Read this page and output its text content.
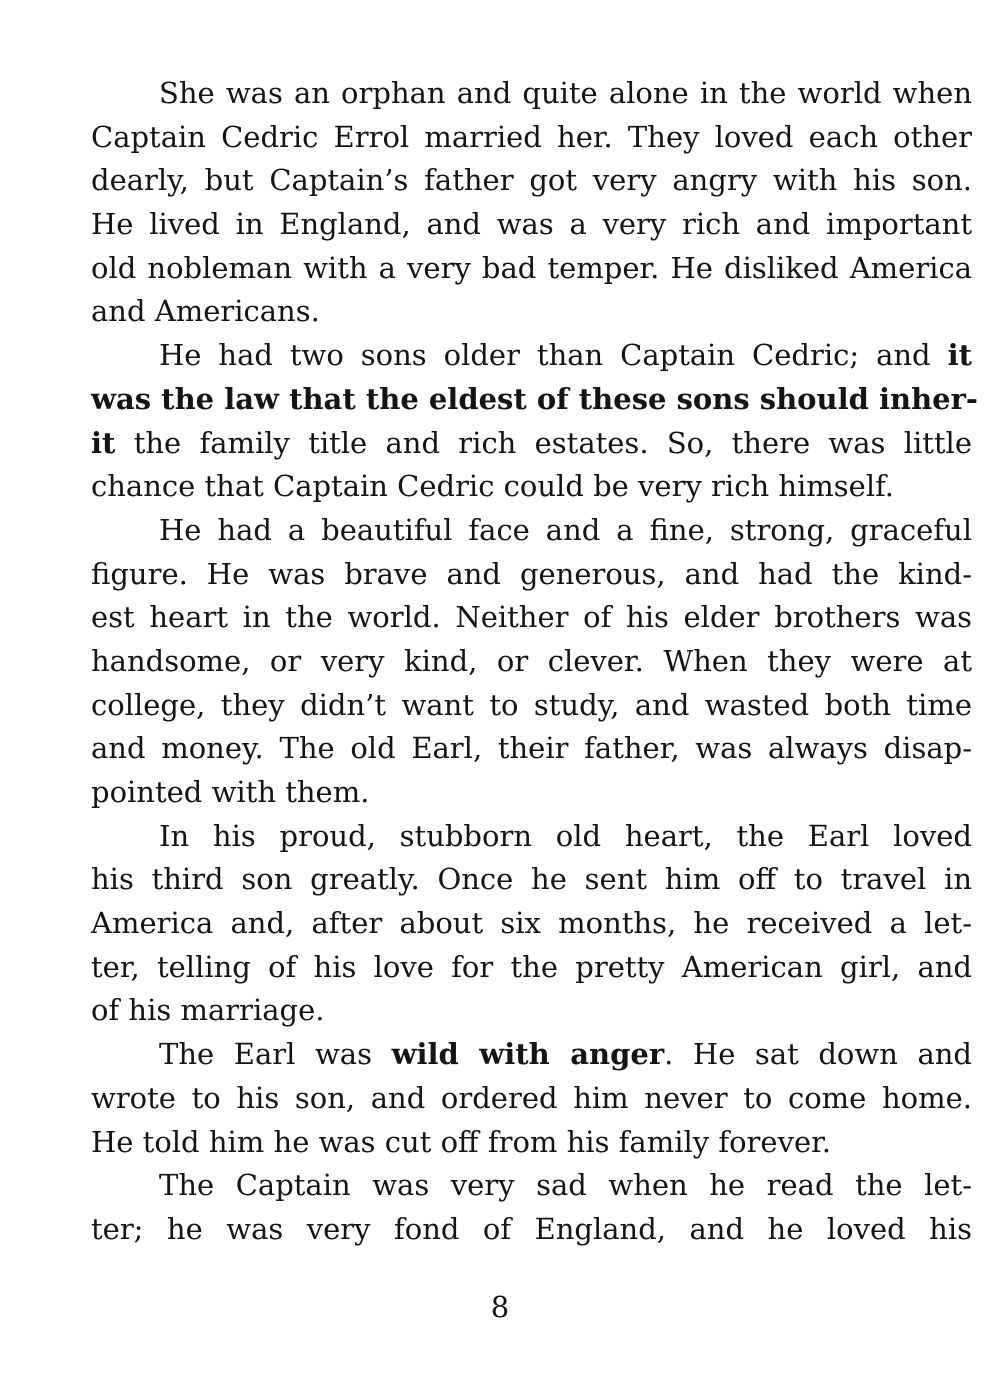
She was an orphan and quite alone in the world when
Captain Cedric Errol married her. They loved each other
dearly, but Captain’s father got very angry with his son.
He lived in England, and was a very rich and important
old nobleman with a very bad temper. He disliked America
and Americans.
He had two sons older than Captain Cedric; and it
was the law that the eldest of these sons should inher-
it the family title and rich estates. So, there was little
chance that Captain Cedric could be very rich himself.
He had a beautiful face and a fine, strong, graceful
figure. He was brave and generous, and had the kind-
est heart in the world. Neither of his elder brothers was
handsome, or very kind, or clever. When they were at
college, they didn’t want to study, and wasted both time
and money. The old Earl, their father, was always disap-
pointed with them.
In his proud, stubborn old heart, the Earl loved
his third son greatly. Once he sent him off to travel in
America and, after about six months, he received a let-
ter, telling of his love for the pretty American girl, and
of his marriage.
The Earl was wild with anger. He sat down and
wrote to his son, and ordered him never to come home.
He told him he was cut off from his family forever.
The Captain was very sad when he read the let-
ter; he was very fond of England, and he loved his
8
